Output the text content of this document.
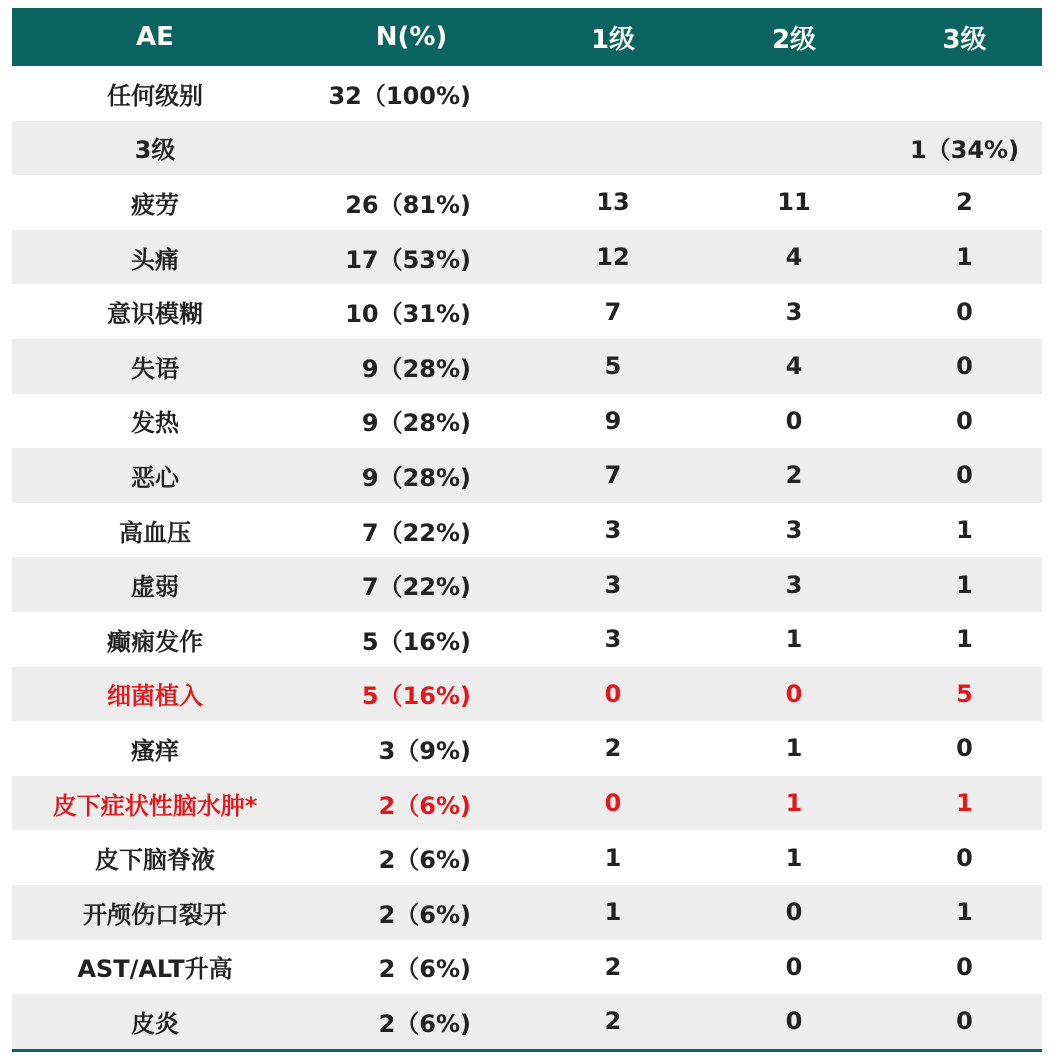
AE	N(%)	1级	2级	3级
任何级别	32（100%)			
3级				1（34%)
疲劳	26（81%)	13	11	2
头痛	17（53%)	12	4	1
意识模糊	10（31%)	7	3	0
失语	9（28%)	5	4	0
发热	9（28%)	9	0	0
恶心	9（28%)	7	2	0
高血压	7（22%)	3	3	1
虚弱	7（22%)	3	3	1
癫痫发作	5（16%)	3	1	1
细菌植入	5（16%)	0	0	5
瘙痒	3（9%)	2	1	0
皮下症状性脑水肿*	2（6%)	0	1	1
皮下脑脊液	2（6%)	1	1	0
开颅伤口裂开	2（6%)	1	0	1
AST/ALT升高	2（6%)	2	0	0
皮炎	2（6%)	2	0	0
